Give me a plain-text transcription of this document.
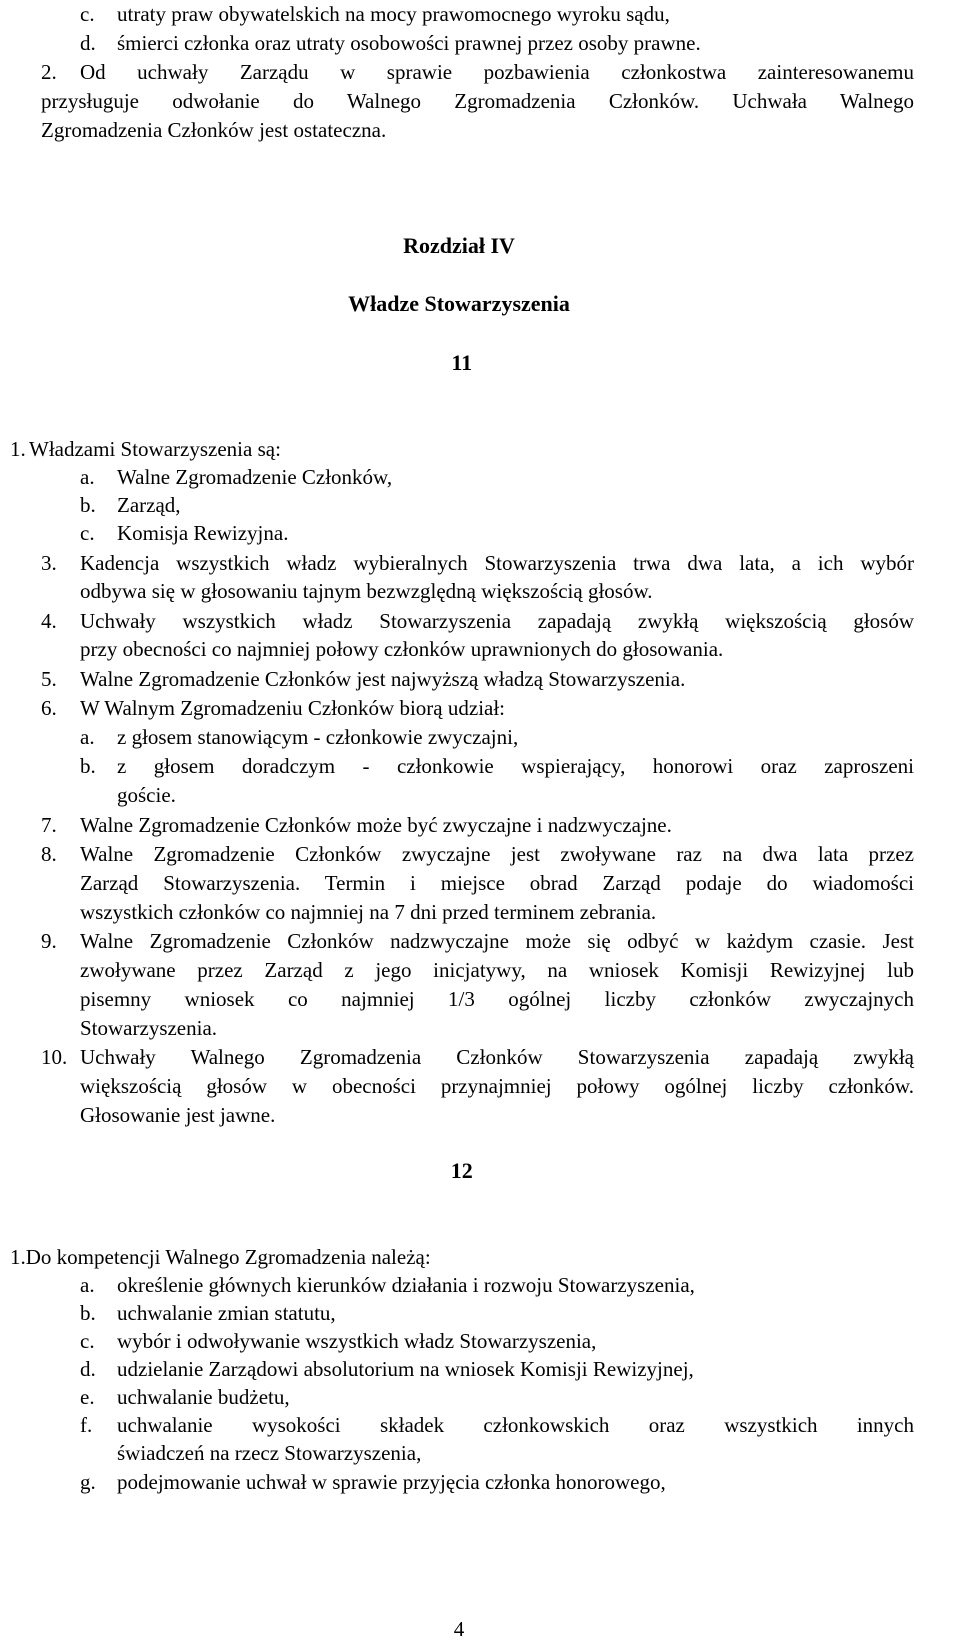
c.	utraty praw obywatelskich na mocy prawomocnego wyroku sądu,
d.	śmierci członka oraz utraty osobowości prawnej przez osoby prawne.
2. Od uchwały Zarządu w sprawie pozbawienia członkostwa zainteresowanemu
przysługuje odwołanie do Walnego Zgromadzenia Członków. Uchwała Walnego
Zgromadzenia Członków jest ostateczna.
Rozdział IV
Władze Stowarzyszenia
11
1. Władzami Stowarzyszenia są:
a.	Walne Zgromadzenie Członków,
b.	Zarząd,
c.	Komisja Rewizyjna.
3. Kadencja wszystkich władz wybieralnych Stowarzyszenia trwa dwa lata, a ich wybór
odbywa się w głosowaniu tajnym bezwzględną większością głosów.
4. Uchwały wszystkich władz Stowarzyszenia zapadają zwykłą większością głosów
przy obecności co najmniej połowy członków uprawnionych do głosowania.
5. Walne Zgromadzenie Członków jest najwyższą władzą Stowarzyszenia.
6. W Walnym Zgromadzeniu Członków biorą udział:
a.	z głosem stanowiącym - członkowie zwyczajni,
b. z głosem doradczym - członkowie wspierający, honorowi oraz zaproszeni
goście.
7. Walne Zgromadzenie Członków może być zwyczajne i nadzwyczajne.
8. Walne Zgromadzenie Członków zwyczajne jest zwoływane raz na dwa lata przez
Zarząd Stowarzyszenia. Termin i miejsce obrad Zarząd podaje do wiadomości
wszystkich członków co najmniej na 7 dni przed terminem zebrania.
9. Walne Zgromadzenie Członków nadzwyczajne może się odbyć w każdym czasie. Jest
zwoływane przez Zarząd z jego inicjatywy, na wniosek Komisji Rewizyjnej lub
pisemny wniosek co najmniej 1/3 ogólnej liczby członków zwyczajnych
Stowarzyszenia.
10. Uchwały Walnego Zgromadzenia Członków Stowarzyszenia zapadają zwykłą
większością głosów w obecności przynajmniej połowy ogólnej liczby członków.
Głosowanie jest jawne.
12
1. Do kompetencji Walnego Zgromadzenia należą:
a.	określenie głównych kierunków działania i rozwoju Stowarzyszenia,
b.	uchwalanie zmian statutu,
c.	wybór i odwoływanie wszystkich władz Stowarzyszenia,
d.	udzielanie Zarządowi absolutorium na wniosek Komisji Rewizyjnej,
e.	uchwalanie budżetu,
f. uchwalanie wysokości składek członkowskich oraz wszystkich innych
świadczeń na rzecz Stowarzyszenia,
g.	podejmowanie uchwał w sprawie przyjęcia członka honorowego,
4
